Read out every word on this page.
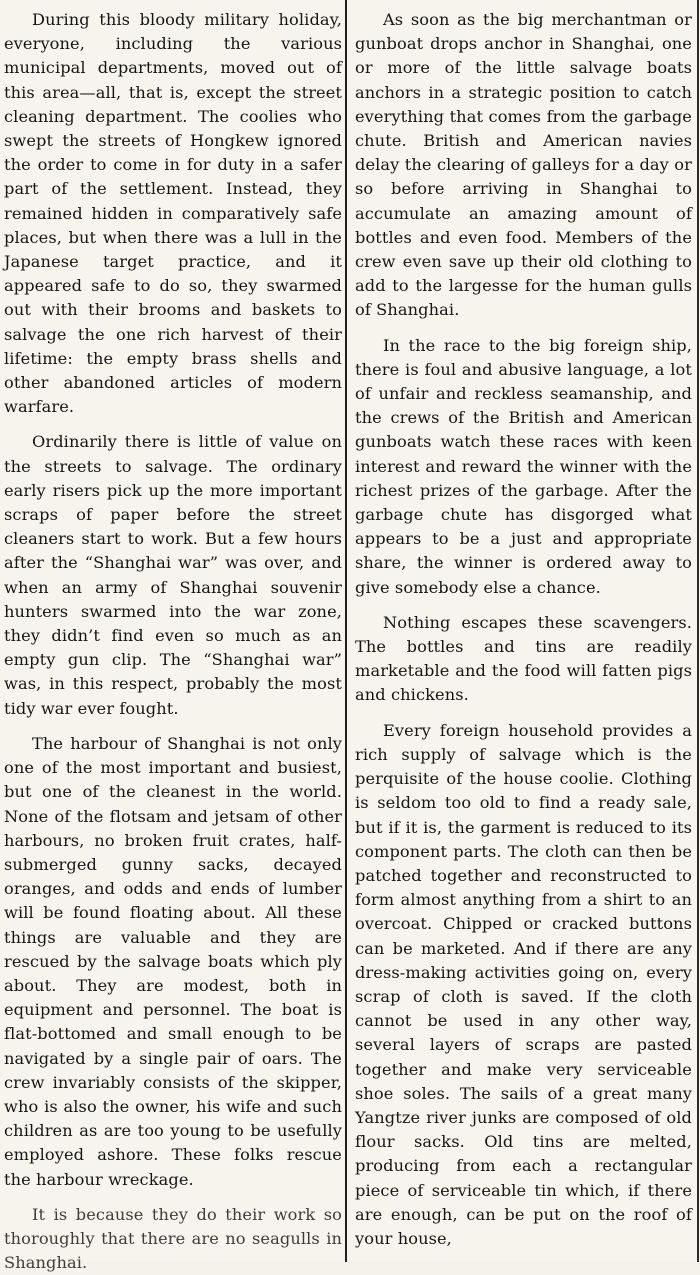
During this bloody military holiday, everyone, including the various municipal departments, moved out of this area—all, that is, except the street cleaning department. The coolies who swept the streets of Hongkew ignored the order to come in for duty in a safer part of the settlement. Instead, they remained hidden in comparatively safe places, but when there was a lull in the Japanese target practice, and it appeared safe to do so, they swarmed out with their brooms and baskets to salvage the one rich harvest of their lifetime: the empty brass shells and other abandoned articles of modern warfare.

Ordinarily there is little of value on the streets to salvage. The ordinary early risers pick up the more important scraps of paper before the street cleaners start to work. But a few hours after the “Shanghai war” was over, and when an army of Shanghai souvenir hunters swarmed into the war zone, they didn’t find even so much as an empty gun clip. The “Shanghai war” was, in this respect, probably the most tidy war ever fought.

The harbour of Shanghai is not only one of the most important and busiest, but one of the cleanest in the world. None of the flotsam and jetsam of other harbours, no broken fruit crates, half-submerged gunny sacks, decayed oranges, and odds and ends of lumber will be found floating about. All these things are valuable and they are rescued by the salvage boats which ply about. They are modest, both in equipment and personnel. The boat is flat-bottomed and small enough to be navigated by a single pair of oars. The crew invariably consists of the skipper, who is also the owner, his wife and such children as are too young to be usefully employed ashore. These folks rescue the harbour wreckage.

It is because they do their work so thoroughly that there are no seagulls in Shanghai.

As soon as the big merchantman or gunboat drops anchor in Shanghai, one or more of the little salvage boats anchors in a strategic position to catch everything that comes from the garbage chute. British and American navies delay the clearing of galleys for a day or so before arriving in Shanghai to accumulate an amazing amount of bottles and even food. Members of the crew even save up their old clothing to add to the largesse for the human gulls of Shanghai.

In the race to the big foreign ship, there is foul and abusive language, a lot of unfair and reckless seamanship, and the crews of the British and American gunboats watch these races with keen interest and reward the winner with the richest prizes of the garbage. After the garbage chute has disgorged what appears to be a just and appropriate share, the winner is ordered away to give somebody else a chance.

Nothing escapes these scavengers. The bottles and tins are readily marketable and the food will fatten pigs and chickens.

Every foreign household provides a rich supply of salvage which is the perquisite of the house coolie. Clothing is seldom too old to find a ready sale, but if it is, the garment is reduced to its component parts. The cloth can then be patched together and reconstructed to form almost anything from a shirt to an overcoat. Chipped or cracked buttons can be marketed. And if there are any dress-making activities going on, every scrap of cloth is saved. If the cloth cannot be used in any other way, several layers of scraps are pasted together and make very serviceable shoe soles. The sails of a great many Yangtze river junks are composed of old flour sacks. Old tins are melted, producing from each a rectangular piece of serviceable tin which, if there are enough, can be put on the roof of your house,
